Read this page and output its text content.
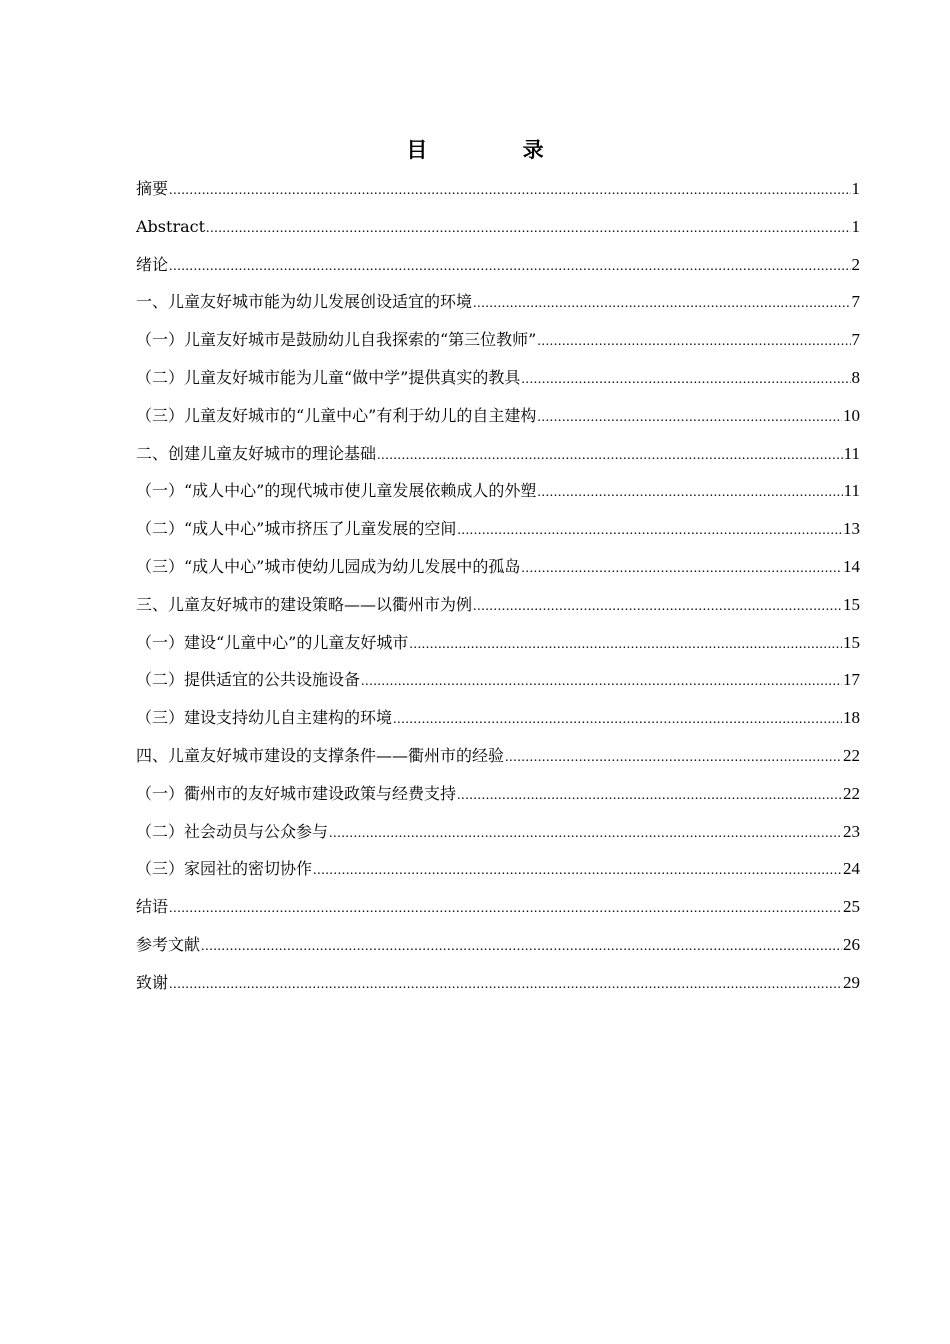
目 录
摘要 .....	1
Abstract .....	1
绪论 .....	2
一、儿童友好城市能为幼儿发展创设适宜的环境 .....	7
（一）儿童友好城市是鼓励幼儿自我探索的“第三位教师” .....	7
（二）儿童友好城市能为儿童“做中学”提供真实的教具 .....	8
（三）儿童友好城市的“儿童中心”有利于幼儿的自主建构 .....	10
二、创建儿童友好城市的理论基础 .....	11
（一）“成人中心”的现代城市使儿童发展依赖成人的外塑 .....	11
（二）“成人中心”城市挤压了儿童发展的空间 .....	13
（三）“成人中心”城市使幼儿园成为幼儿发展中的孤岛 .....	14
三、儿童友好城市的建设策略——以衢州市为例 .....	15
（一）建设“儿童中心”的儿童友好城市 .....	15
（二）提供适宜的公共设施设备 .....	17
（三）建设支持幼儿自主建构的环境 .....	18
四、儿童友好城市建设的支撑条件——衢州市的经验 .....	22
（一）衢州市的友好城市建设政策与经费支持 .....	22
（二）社会动员与公众参与 .....	23
（三）家园社的密切协作 .....	24
结语 .....	25
参考文献 .....	26
致谢 .....	29
